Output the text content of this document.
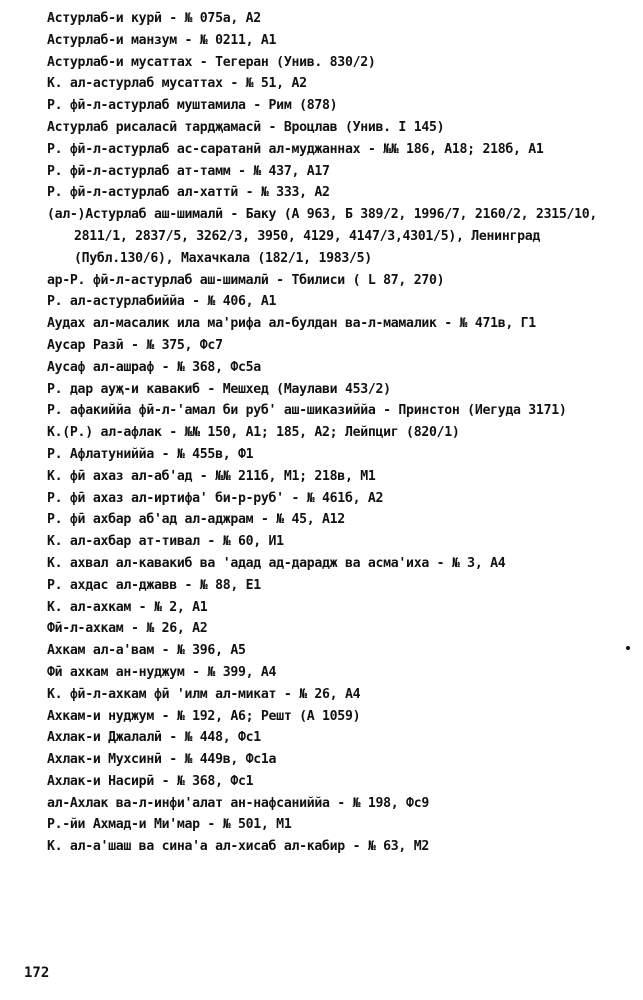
Астурлаб-и курӣ - № 075а, А2
Астурлаб-и манзум - № 0211, А1
Астурлаб-и мусаттах - Тегеран (Унив. 830/2)
К. ал-астурлаб мусаттах - № 51, А2
Р. фӣ-л-астурлаб муштамила - Рим (878)
Астурлаб рисаласӣ тардҗамасӣ - Вроцлав (Унив. I 145)
Р. фӣ-л-астурлаб ас-саратанӣ ал-муджаннах - №№ 186, А18; 218б, А1
Р. фӣ-л-астурлаб ат-тамм - № 437, А17
Р. фӣ-л-астурлаб ал-хаттӣ - № 333, А2
(ал-)Астурлаб аш-шималӣ - Баку (А 963, Б 389/2, 1996/7, 2160/2, 2315/10, 2811/1, 2837/5, 3262/3, 3950, 4129, 4147/3,4301/5), Ленинград (Публ.130/6), Махачкала (182/1, 1983/5)
ар-Р. фӣ-л-астурлаб аш-шималӣ - Тбилиси ( L 87, 270)
Р. ал-астурлабиййа - № 406, А1
Аудах ал-масалик ила ма'рифа ал-булдан ва-л-мамалик - № 471в, Г1
Аусар Разӣ - № 375, Фс7
Аусаф ал-ашраф - № 368, Фс5а
Р. дар ауҗ-и кавакиб - Мешхед (Маулави 453/2)
Р. афакиййа фӣ-л-'амал би руб' аш-шиказиййа - Принстон (Иегуда 3171)
К.(Р.) ал-афлак - №№ 150, А1; 185, А2; Лейпциг (820/1)
Р. Афлатуниййа - № 455в, Ф1
К. фӣ ахаз ал-аб'ад - №№ 211б, М1; 218в, М1
Р. фӣ ахаз ал-иртифа' би-р-руб' - № 461б, А2
Р. фӣ ахбар аб'ад ал-аджрам - № 45, А12
К. ал-ахбар ат-тивал - № 60, И1
К. ахвал ал-кавакиб ва 'адад ад-дарадж ва асма'иха - № 3, А4
Р. ахдас ал-джавв - № 88, Е1
К. ал-ахкам - № 2, А1
Фӣ-л-ахкам - № 26, А2
Ахкам ал-а'вам - № 396, А5
Фӣ ахкам ан-нуджум - № 399, А4
К. фӣ-л-ахкам фӣ 'илм ал-микат - № 26, А4
Ахкам-и нуджум - № 192, А6; Решт (А 1059)
Ахлак-и Джалалӣ - № 448, Фс1
Ахлак-и Мухсинӣ - № 449в, Фс1а
Ахлак-и Насирӣ - № 368, Фс1
ал-Ахлак ва-л-инфи'алат ан-нафсаниййа - № 198, Фс9
Р.-йи Ахмад-и Ми'мар - № 501, М1
К. ал-а'шаш ва сина'а ал-хисаб ал-кабир - № 63, М2
172
